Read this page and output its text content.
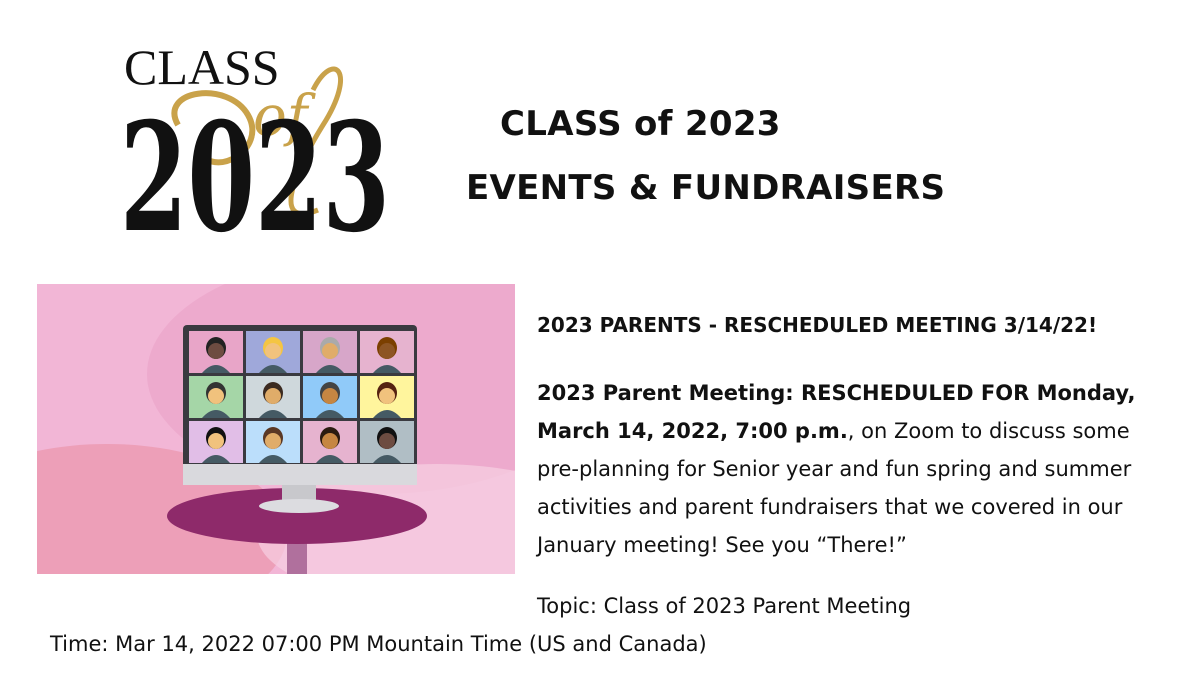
CLASS
of
2023	CLASS of 2023
EVENTS & FUNDRAISERS
2023 PARENTS - RESCHEDULED MEETING 3/14/22!
2023 Parent Meeting: RESCHEDULED FOR Monday, March 14, 2022, 7:00 p.m., on Zoom to discuss some pre-planning for Senior year and fun spring and summer activities and parent fundraisers that we covered in our January meeting! See you “There!”
Topic: Class of 2023 Parent Meeting
Time: Mar 14, 2022 07:00 PM Mountain Time (US and Canada)
